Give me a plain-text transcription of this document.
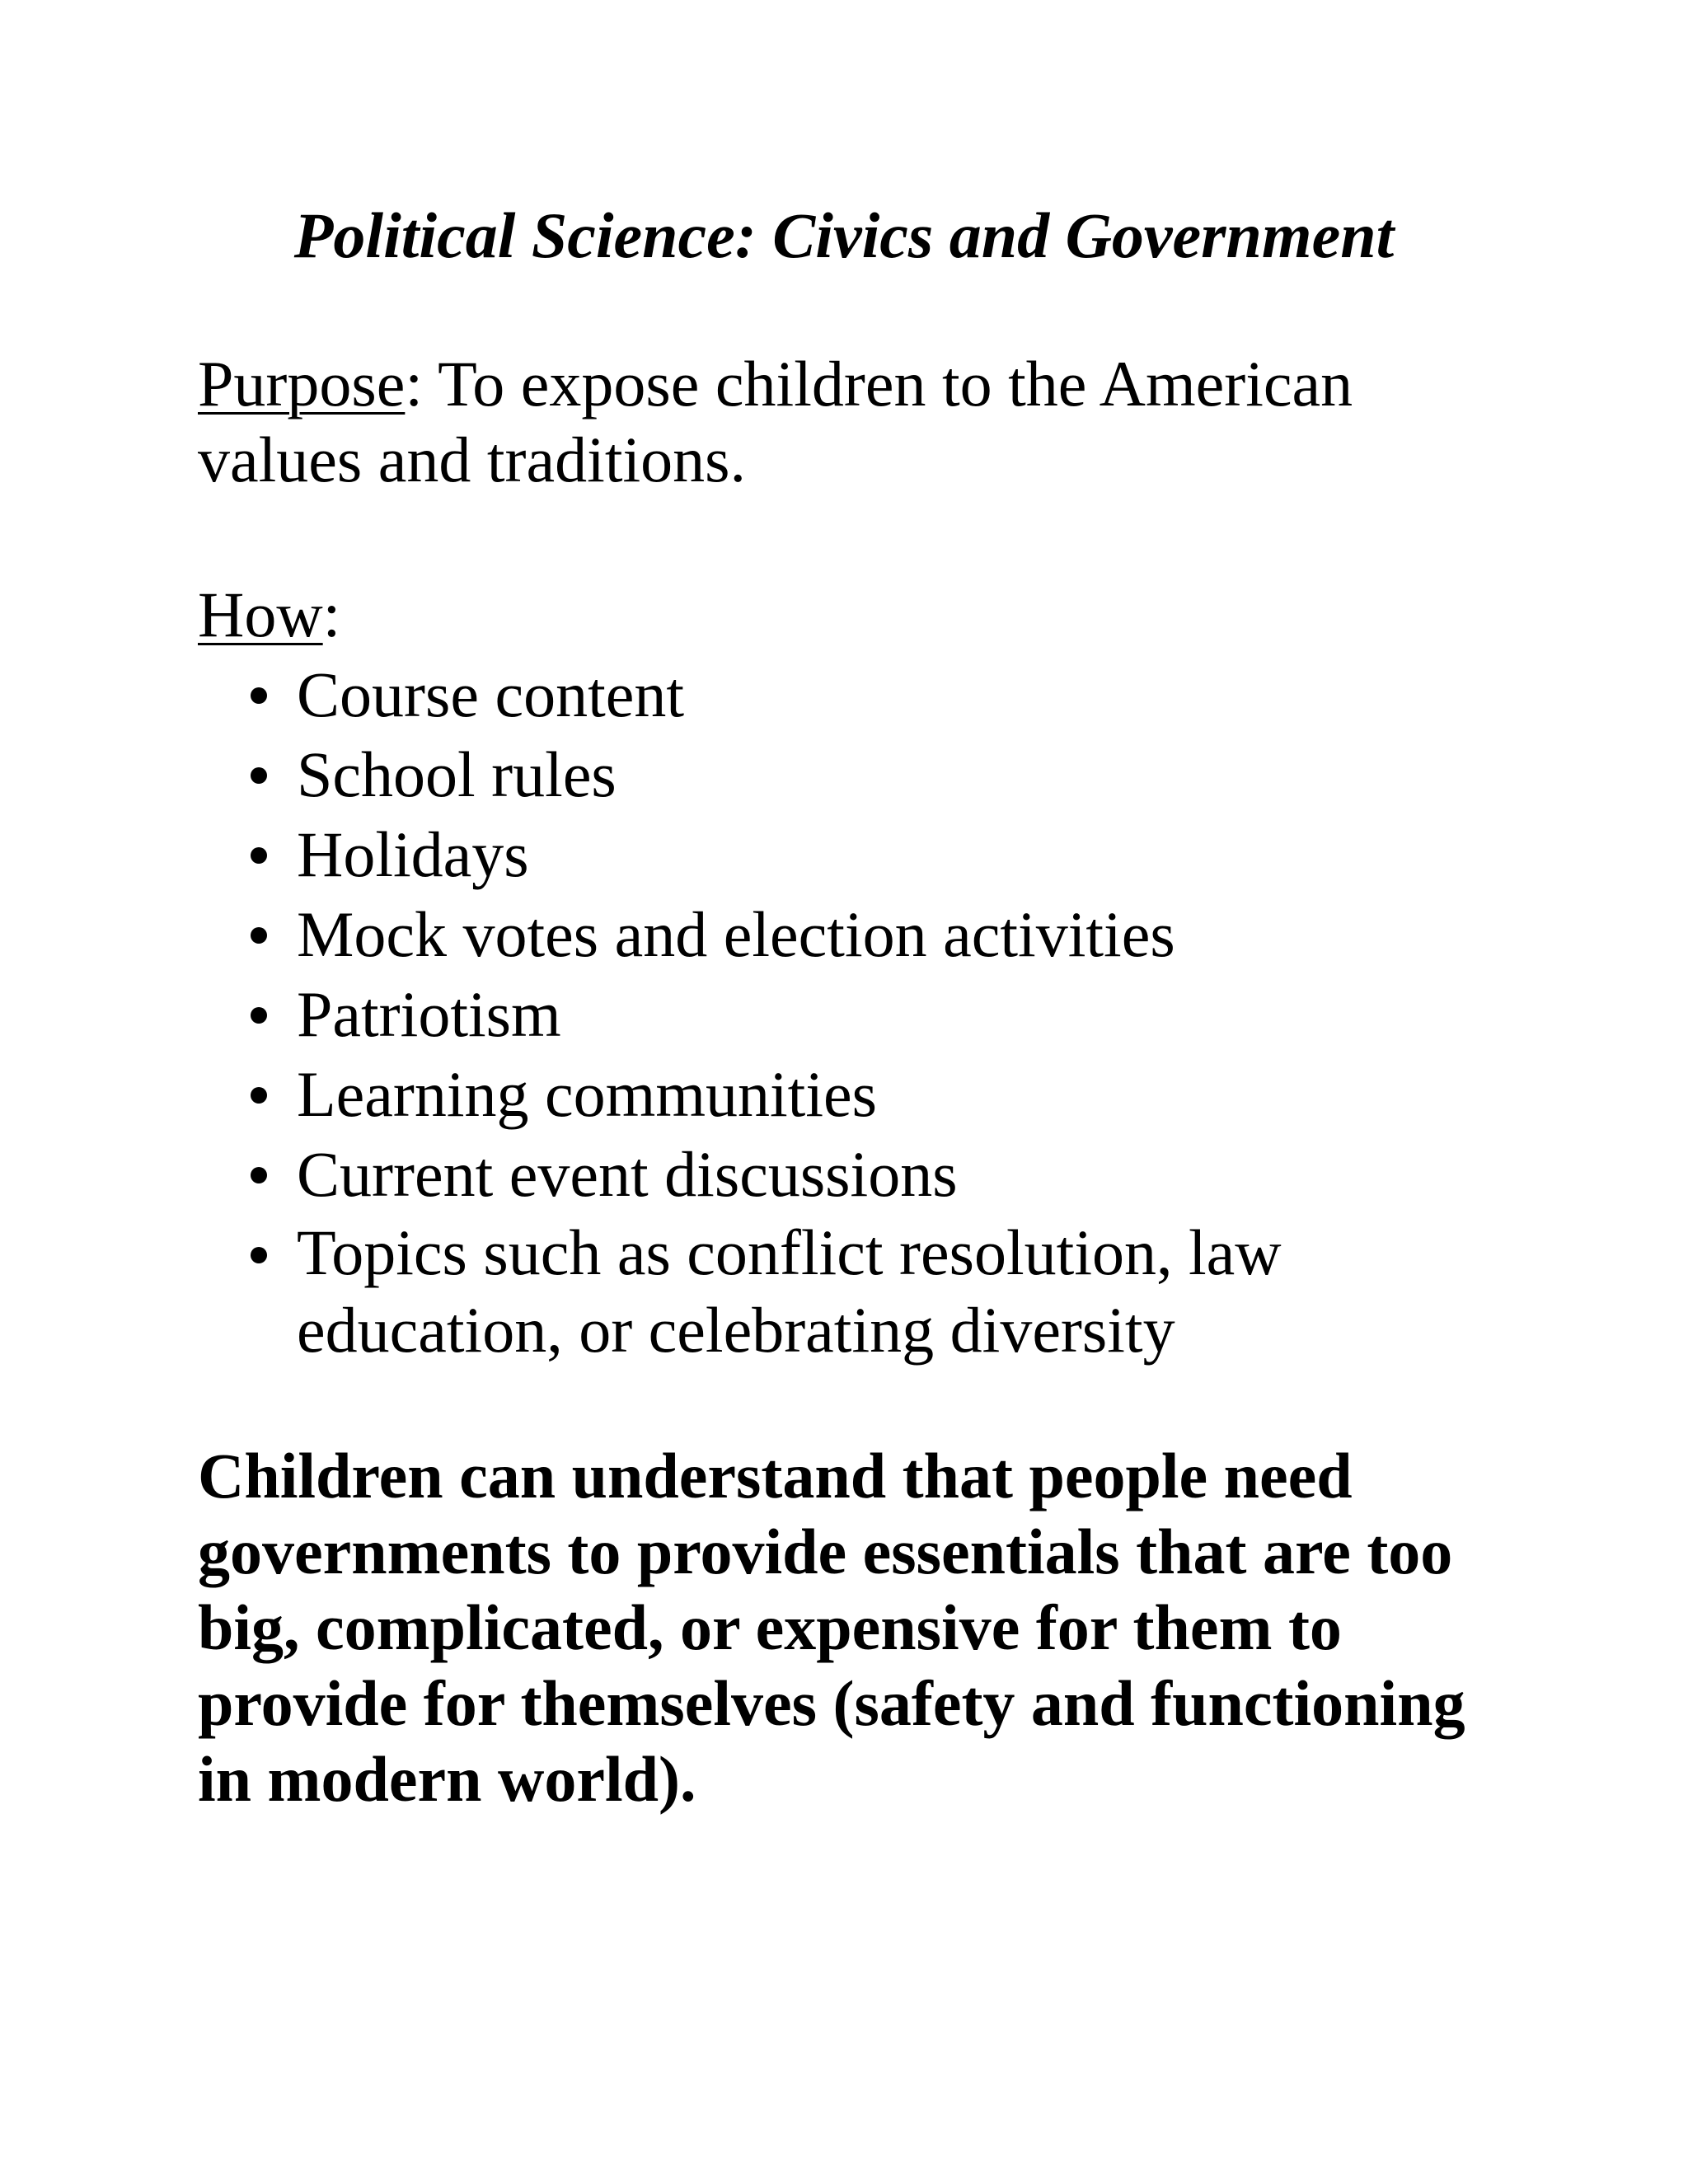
Political Science: Civics and Government

Purpose: To expose children to the American values and traditions.

How:

Course content
School rules
Holidays
Mock votes and election activities
Patriotism
Learning communities
Current event discussions
Topics such as conflict resolution, law education, or celebrating diversity

Children can understand that people need governments to provide essentials that are too big, complicated, or expensive for them to provide for themselves (safety and functioning in modern world).
